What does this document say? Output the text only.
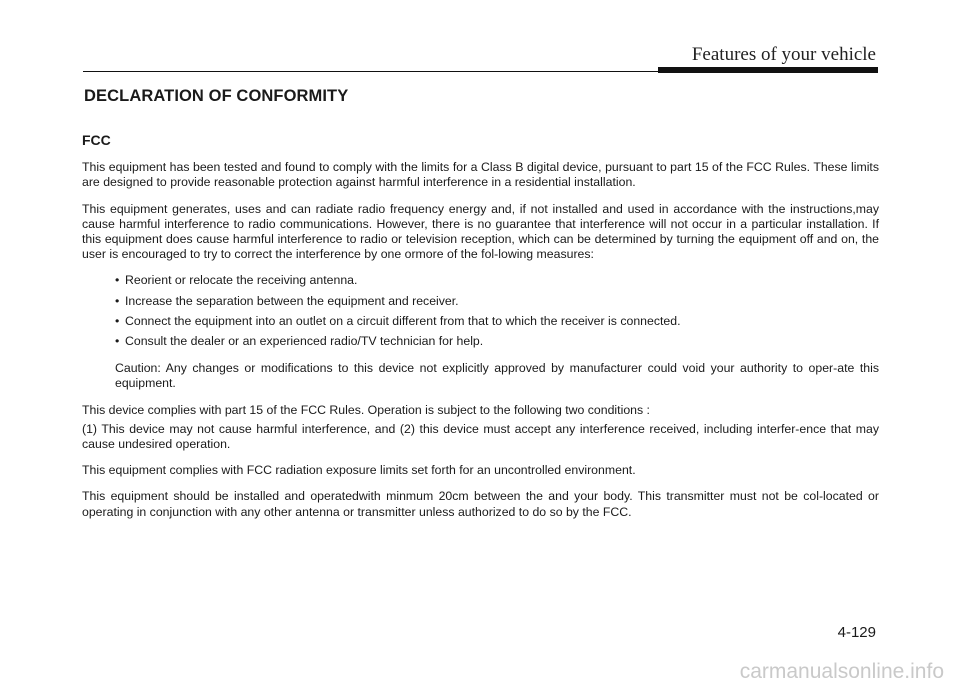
Features of your vehicle
DECLARATION OF CONFORMITY
FCC

This equipment has been tested and found to comply with the limits for a Class B digital device, pursuant to part 15 of the FCC Rules. These limits are designed to provide reasonable protection against harmful interference in a residential installation.

This equipment generates, uses and can radiate radio frequency energy and, if not installed and used in accordance with the instructions,may cause harmful interference to radio communications. However, there is no guarantee that interference will not occur in a particular installation. If this equipment does cause harmful interference to radio or television reception, which can be determined by turning the equipment off and on, the user is encouraged to try to correct the interference by one ormore of the fol-lowing measures:

• Reorient or relocate the receiving antenna.
• Increase the separation between the equipment and receiver.
• Connect the equipment into an outlet on a circuit different from that to which the receiver is connected.
• Consult the dealer or an experienced radio/TV technician for help.

Caution: Any changes or modifications to this device not explicitly approved by manufacturer could void your authority to oper-ate this equipment.

This device complies with part 15 of the FCC Rules. Operation is subject to the following two conditions :

(1) This device may not cause harmful interference, and (2) this device must accept any interference received, including interfer-ence that may cause undesired operation.

This equipment complies with FCC radiation exposure limits set forth for an uncontrolled environment.

This equipment should be installed and operatedwith minmum 20cm between the and your body. This transmitter must not be col-located or operating in conjunction with any other antenna or transmitter unless authorized to do so by the FCC.

4-129
carmanualsonline.info
